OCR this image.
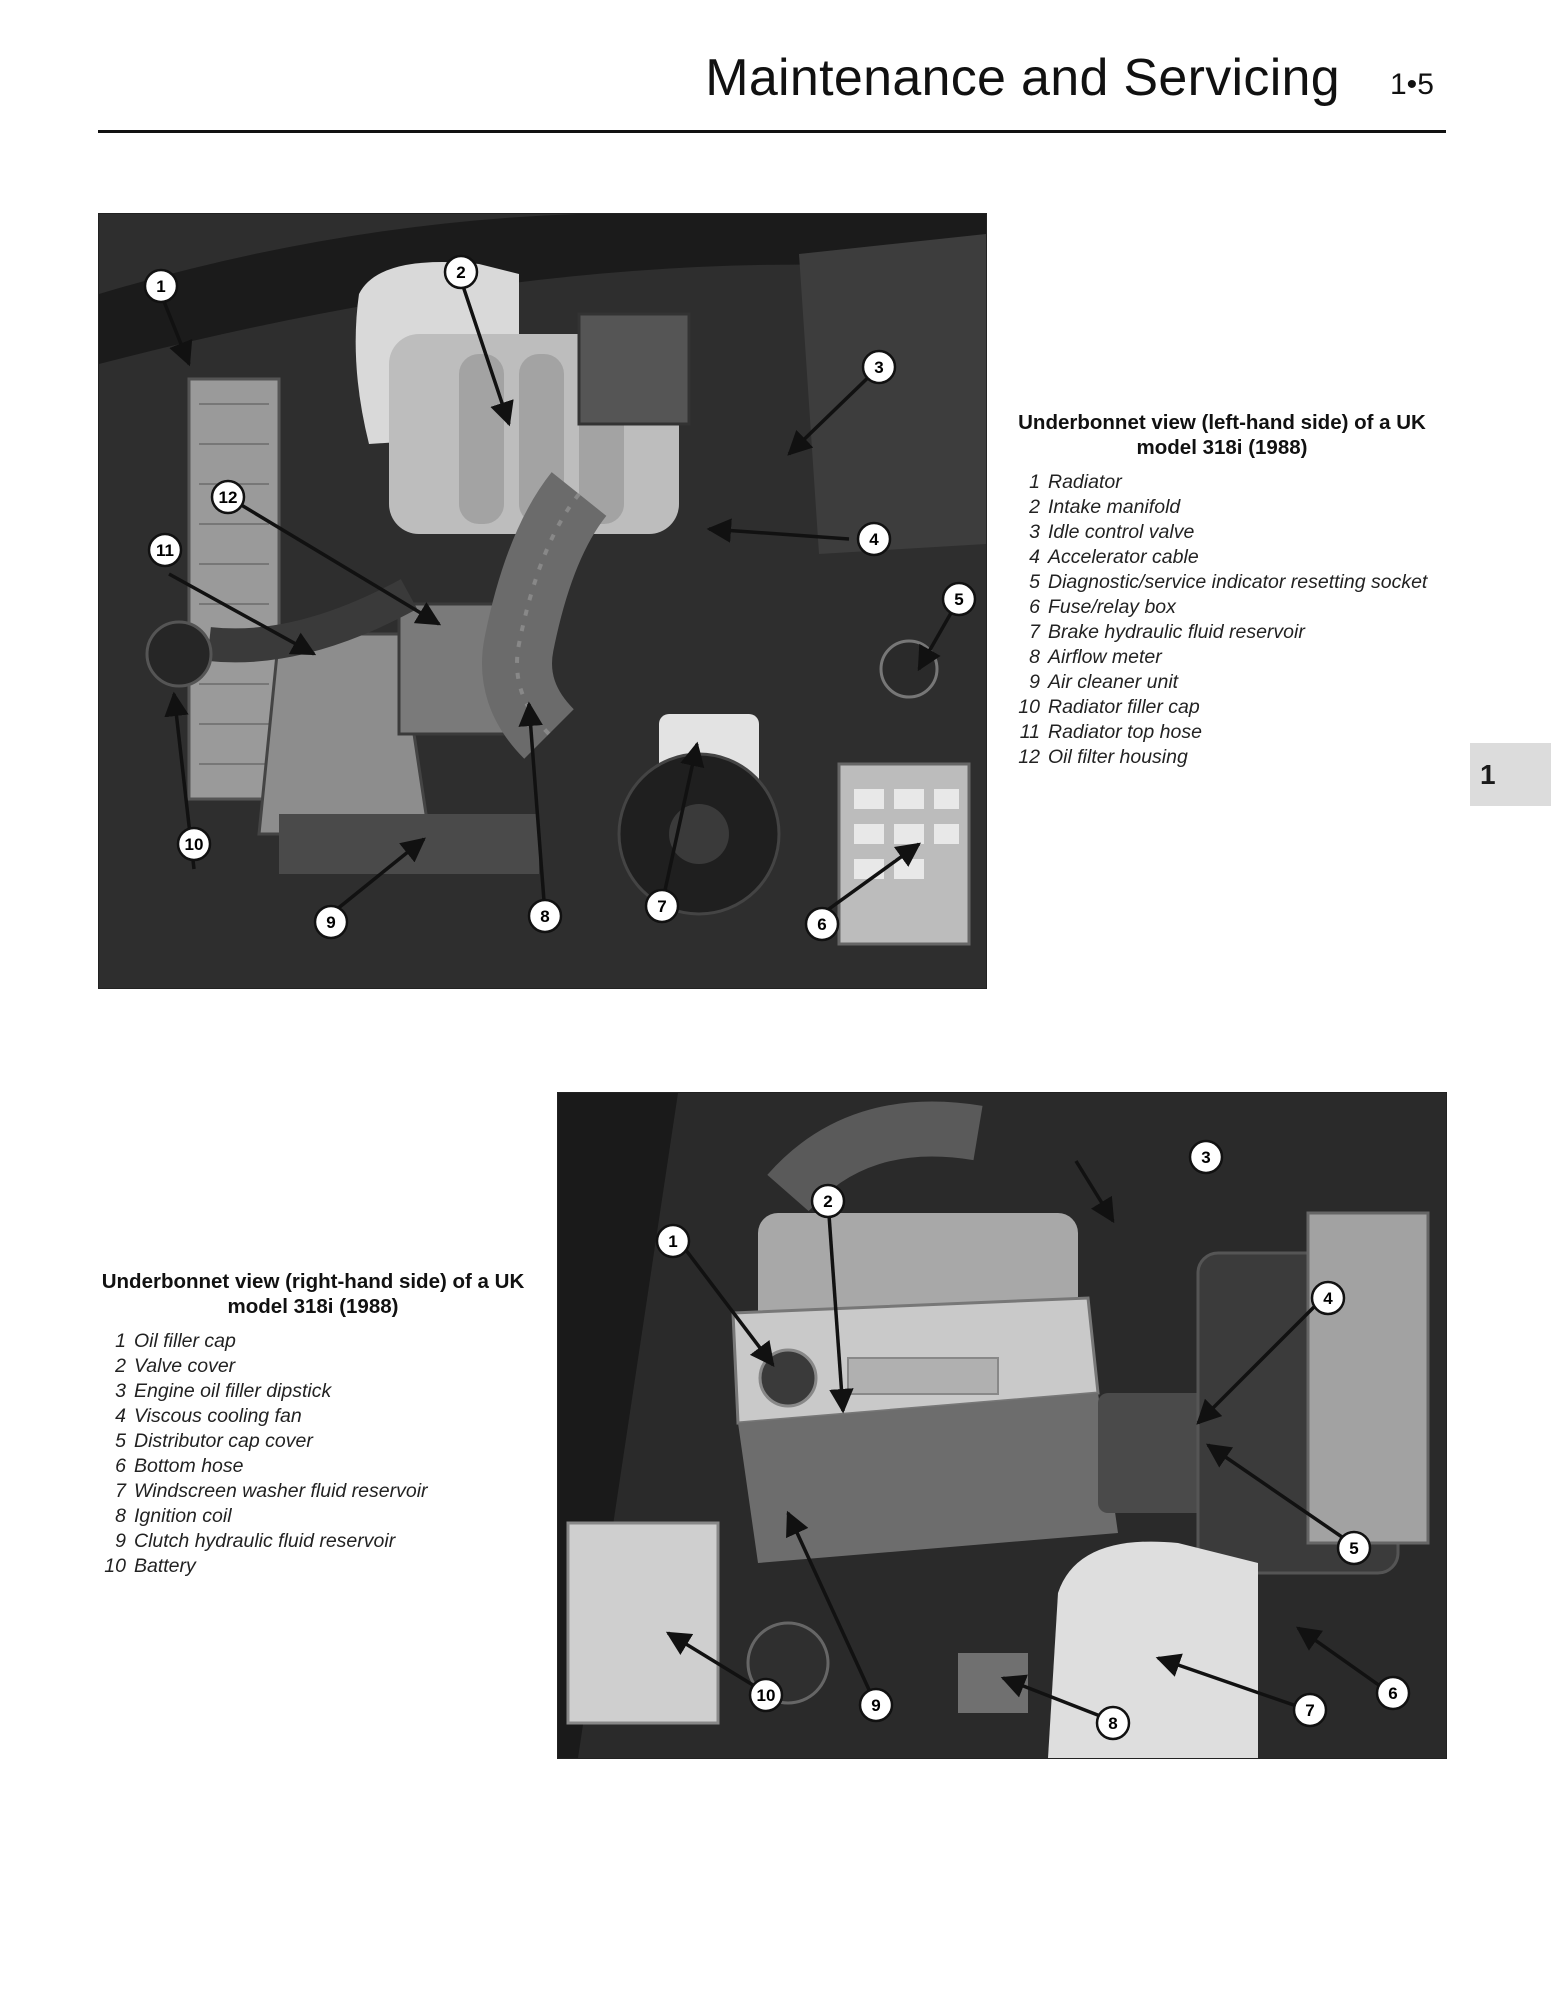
Maintenance and Servicing 1•5
1
2
3
4
5
6
7
8
9
10
11
12
Underbonnet view (left-hand side) of a UK model 318i (1988)
1 Radiator
2 Intake manifold
3 Idle control valve
4 Accelerator cable
5 Diagnostic/service indicator resetting socket
6 Fuse/relay box
7 Brake hydraulic fluid reservoir
8 Airflow meter
9 Air cleaner unit
10 Radiator filler cap
11 Radiator top hose
12 Oil filter housing
1
1
2
3
4
5
6
7
8
9
10
Underbonnet view (right-hand side) of a UK model 318i (1988)
1 Oil filler cap
2 Valve cover
3 Engine oil filler dipstick
4 Viscous cooling fan
5 Distributor cap cover
6 Bottom hose
7 Windscreen washer fluid reservoir
8 Ignition coil
9 Clutch hydraulic fluid reservoir
10 Battery
